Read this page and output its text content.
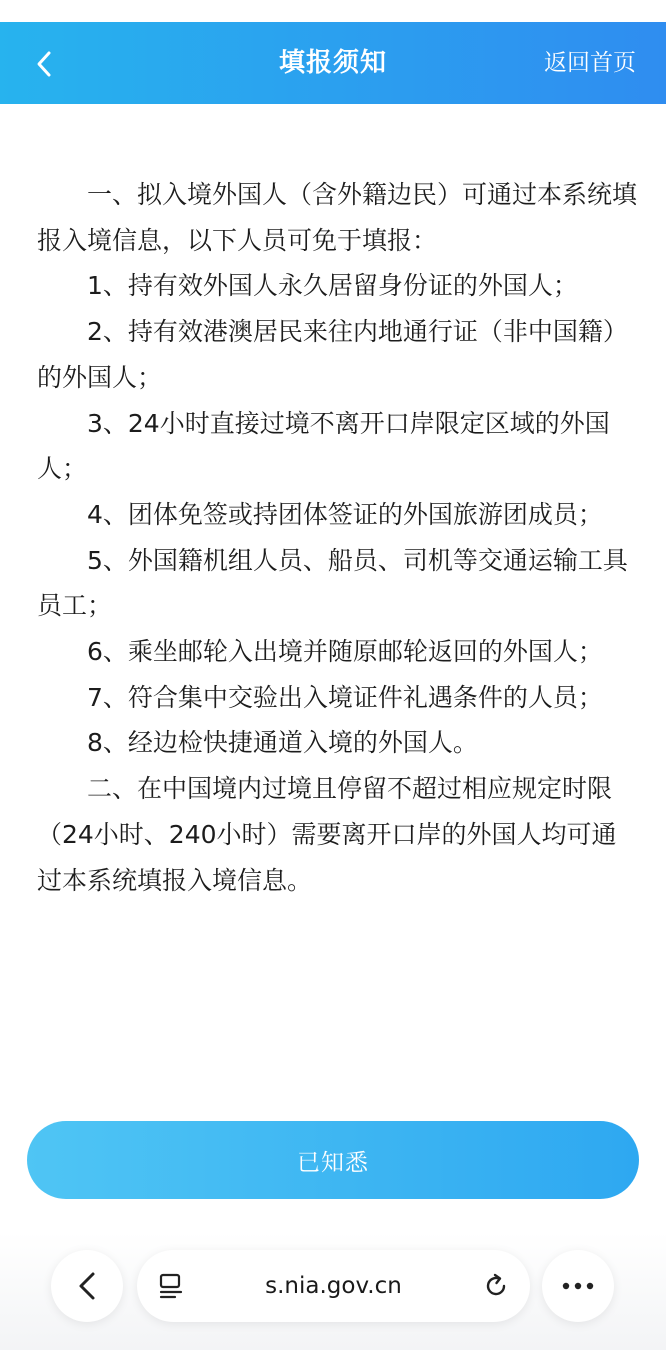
填报须知	返回首页

一、拟入境外国人（含外籍边民）可通过本系统填报入境信息，以下人员可免于填报：

1、持有效外国人永久居留身份证的外国人；

2、持有效港澳居民来往内地通行证（非中国籍）的外国人；

3、24小时直接过境不离开口岸限定区域的外国人；

4、团体免签或持团体签证的外国旅游团成员；

5、外国籍机组人员、船员、司机等交通运输工具员工；

6、乘坐邮轮入出境并随原邮轮返回的外国人；

7、符合集中交验出入境证件礼遇条件的人员；

8、经边检快捷通道入境的外国人。

二、在中国境内过境且停留不超过相应规定时限（24小时、240小时）需要离开口岸的外国人均可通过本系统填报入境信息。

已知悉
s.nia.gov.cn
